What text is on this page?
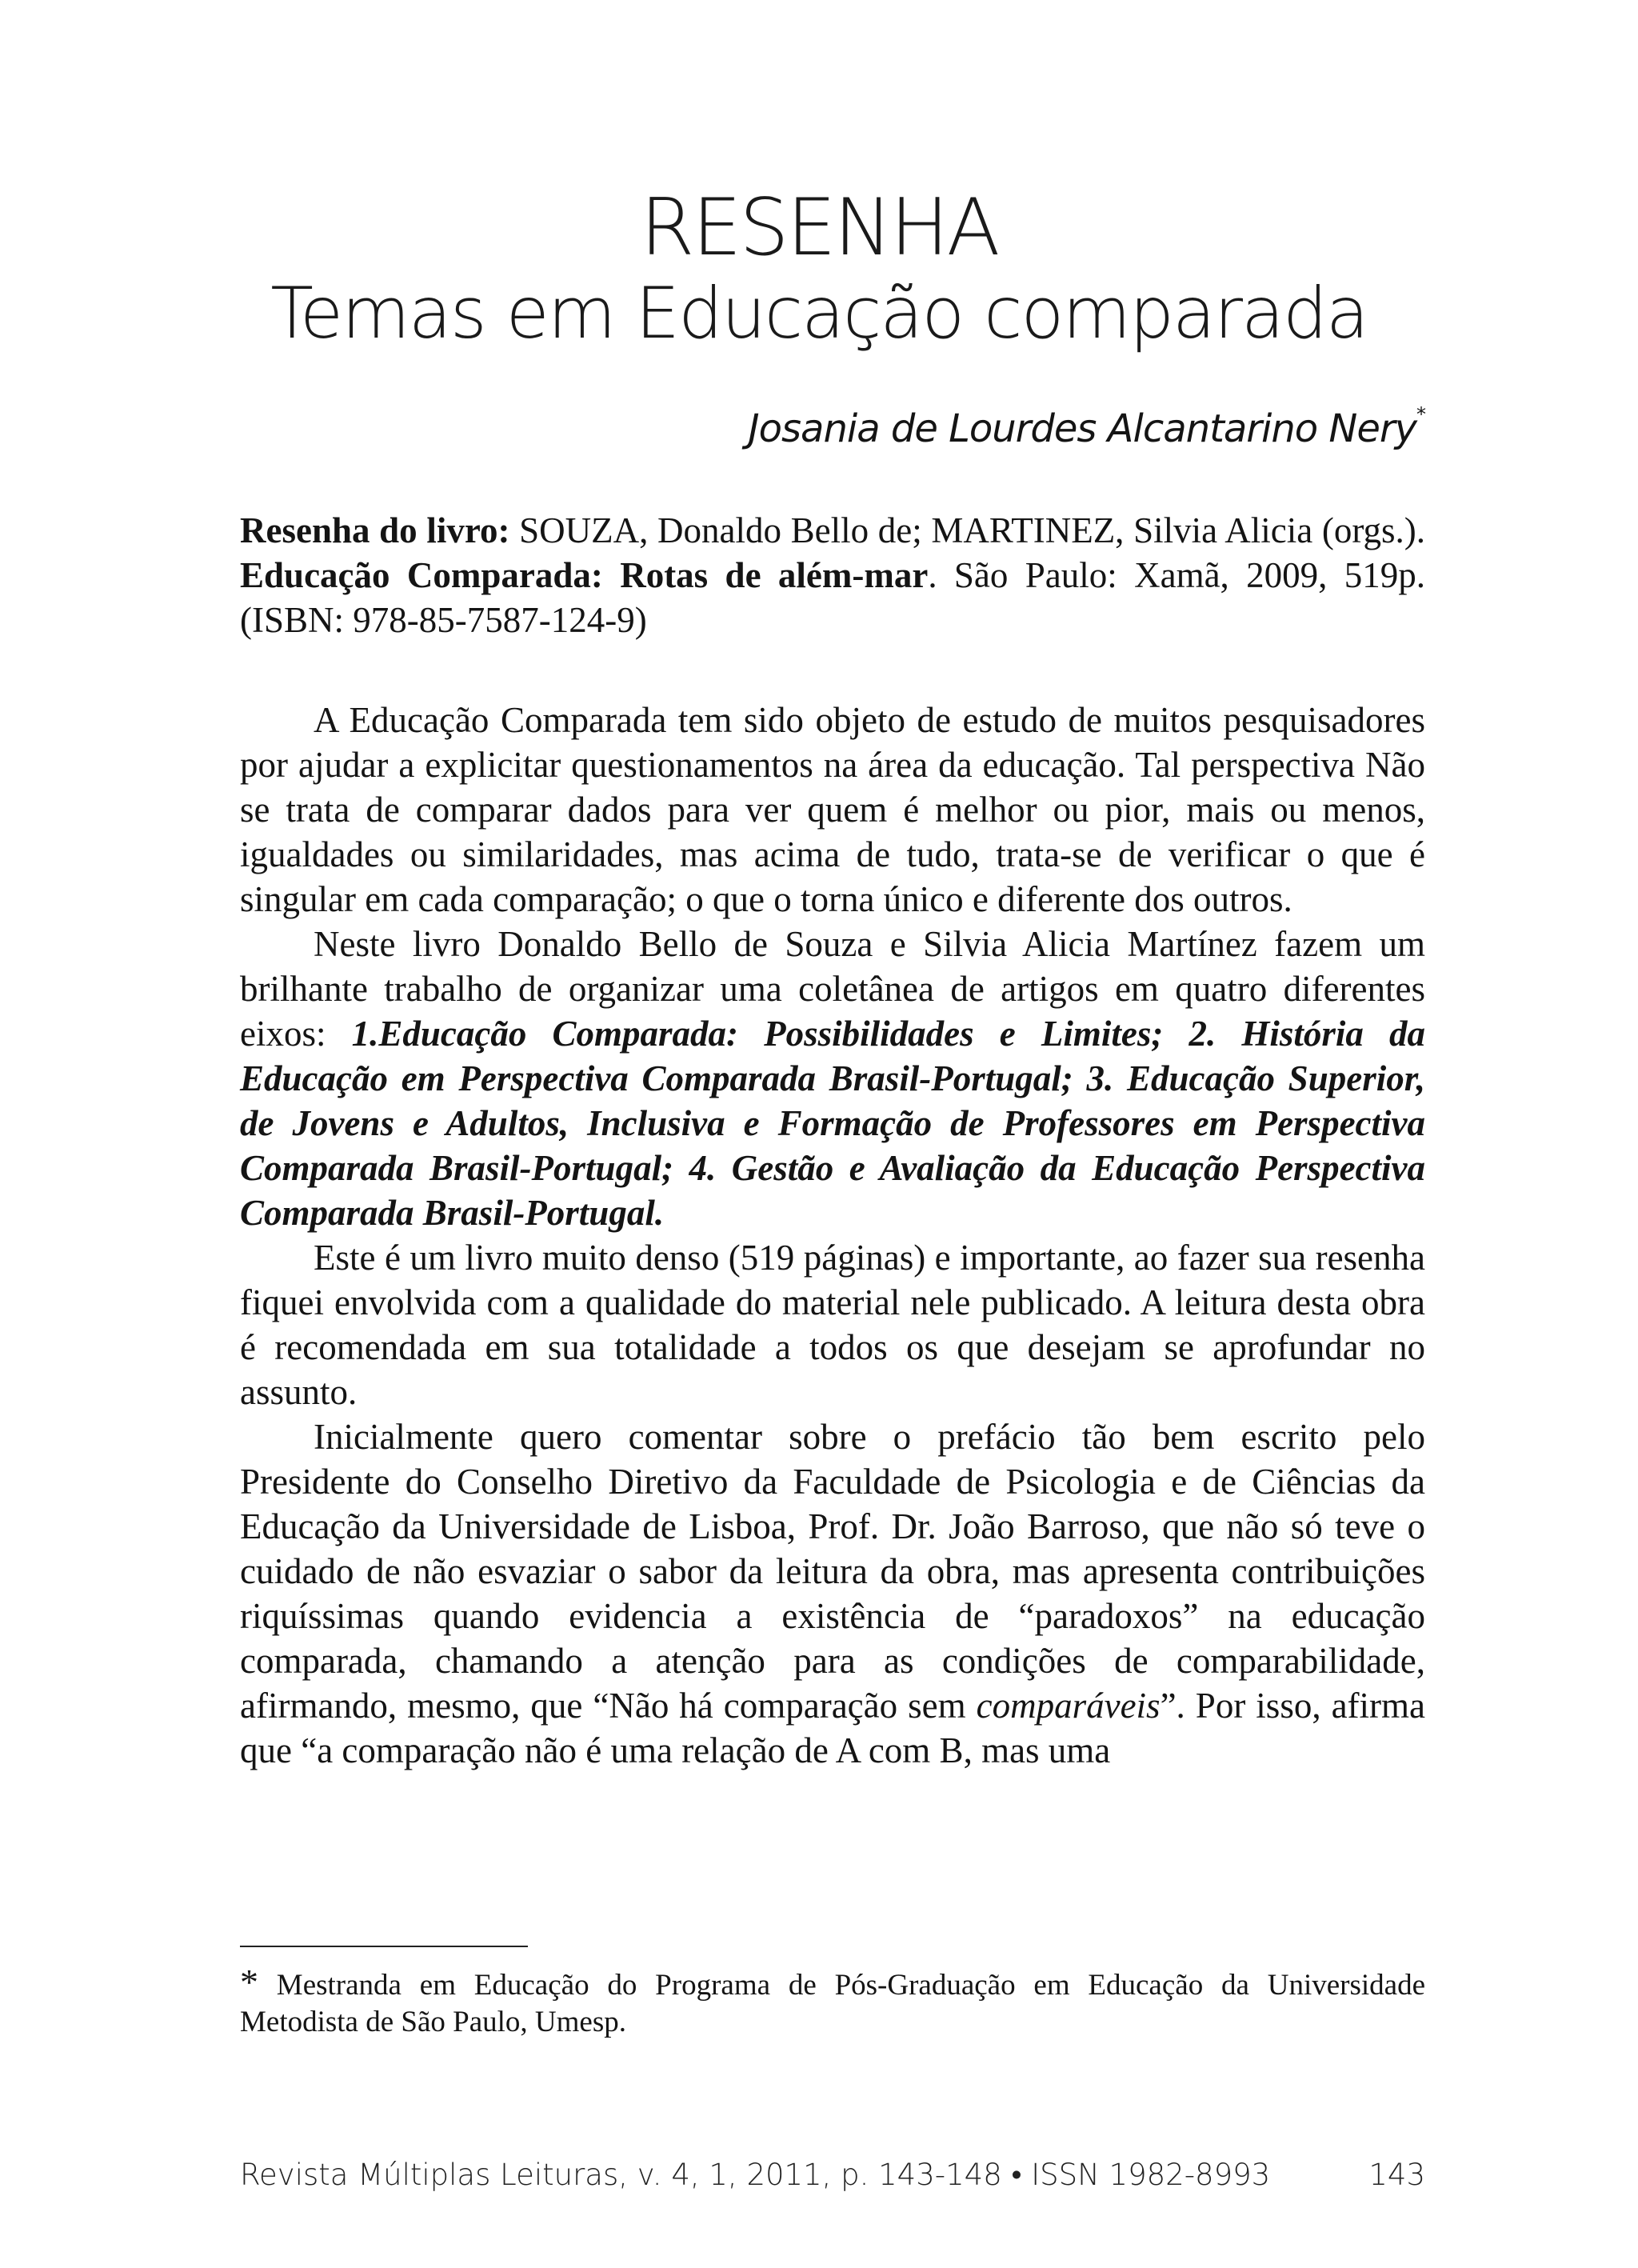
RESENHA
Temas em Educação comparada
Josania de Lourdes Alcantarino Nery*

Resenha do livro: SOUZA, Donaldo Bello de; MARTINEZ, Silvia Alicia (orgs.). Educação Comparada: Rotas de além-mar. São Paulo: Xamã, 2009, 519p. (ISBN: 978-85-7587-124-9)

A Educação Comparada tem sido objeto de estudo de muitos pesquisadores por ajudar a explicitar questionamentos na área da educação. Tal perspectiva Não se trata de comparar dados para ver quem é melhor ou pior, mais ou menos, igualdades ou similaridades, mas acima de tudo, trata-se de verificar o que é singular em cada comparação; o que o torna único e diferente dos outros.

Neste livro Donaldo Bello de Souza e Silvia Alicia Martínez fazem um brilhante trabalho de organizar uma coletânea de artigos em quatro diferentes eixos: 1.Educação Comparada: Possibilidades e Limites; 2. História da Educação em Perspectiva Comparada Brasil-Portugal; 3. Educação Superior, de Jovens e Adultos, Inclusiva e Formação de Professores em Perspectiva Comparada Brasil-Portugal; 4. Gestão e Avaliação da Educação Perspectiva Comparada Brasil-Portugal.

Este é um livro muito denso (519 páginas) e importante, ao fazer sua resenha fiquei envolvida com a qualidade do material nele publicado. A leitura desta obra é recomendada em sua totalidade a todos os que desejam se aprofundar no assunto.

Inicialmente quero comentar sobre o prefácio tão bem escrito pelo Presidente do Conselho Diretivo da Faculdade de Psicologia e de Ciências da Educação da Universidade de Lisboa, Prof. Dr. João Barroso, que não só teve o cuidado de não esvaziar o sabor da leitura da obra, mas apresenta contribuições riquíssimas quando evidencia a existência de “paradoxos” na educação comparada, chamando a atenção para as condições de comparabilidade, afirmando, mesmo, que “Não há comparação sem comparáveis”. Por isso, afirma que “a comparação não é uma relação de A com B, mas uma

* Mestranda em Educação do Programa de Pós-Graduação em Educação da Universidade Metodista de São Paulo, Umesp.
Revista Múltiplas Leituras, v. 4, 1, 2011, p. 143-148 • ISSN 1982-8993	143
